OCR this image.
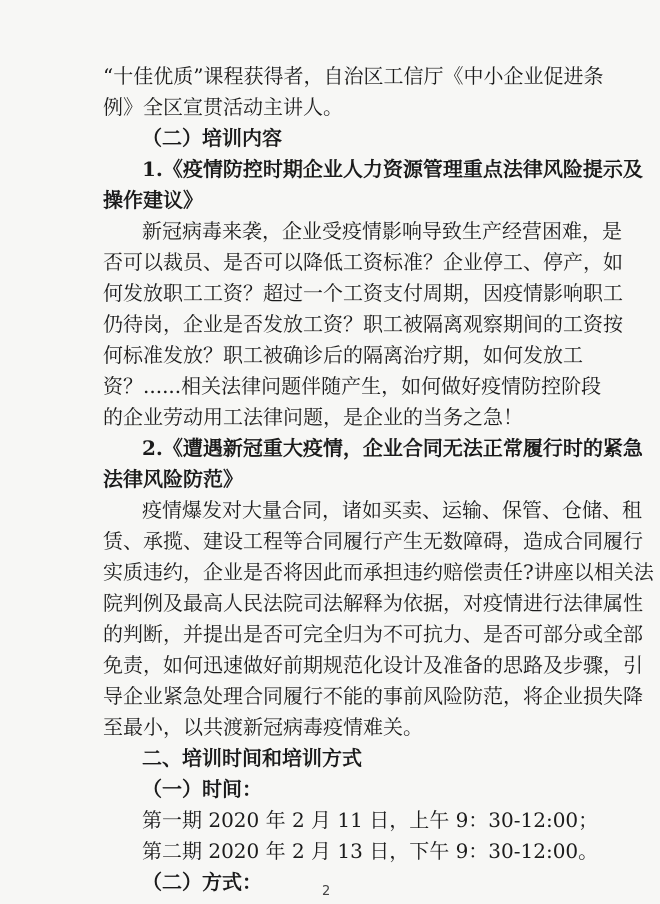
“十佳优质”课程获得者，自治区工信厅《中小企业促进条
例》全区宣贯活动主讲人。
（二）培训内容
1.《疫情防控时期企业人力资源管理重点法律风险提示及
操作建议》
新冠病毒来袭，企业受疫情影响导致生产经营困难，是
否可以裁员、是否可以降低工资标准？企业停工、停产，如
何发放职工工资？超过一个工资支付周期，因疫情影响职工
仍待岗，企业是否发放工资？职工被隔离观察期间的工资按
何标准发放？职工被确诊后的隔离治疗期，如何发放工
资？......相关法律问题伴随产生，如何做好疫情防控阶段
的企业劳动用工法律问题，是企业的当务之急！
2.《遭遇新冠重大疫情，企业合同无法正常履行时的紧急
法律风险防范》
疫情爆发对大量合同，诸如买卖、运输、保管、仓储、租
赁、承揽、建设工程等合同履行产生无数障碍，造成合同履行
实质违约，企业是否将因此而承担违约赔偿责任?讲座以相关法
院判例及最高人民法院司法解释为依据，对疫情进行法律属性
的判断，并提出是否可完全归为不可抗力、是否可部分或全部
免责，如何迅速做好前期规范化设计及准备的思路及步骤，引
导企业紧急处理合同履行不能的事前风险防范，将企业损失降
至最小，以共渡新冠病毒疫情难关。
二、培训时间和培训方式
（一）时间：
第一期 2020 年 2 月 11 日，上午 9：30-12:00；
第二期 2020 年 2 月 13 日，下午 9：30-12:00。
（二）方式：	2
